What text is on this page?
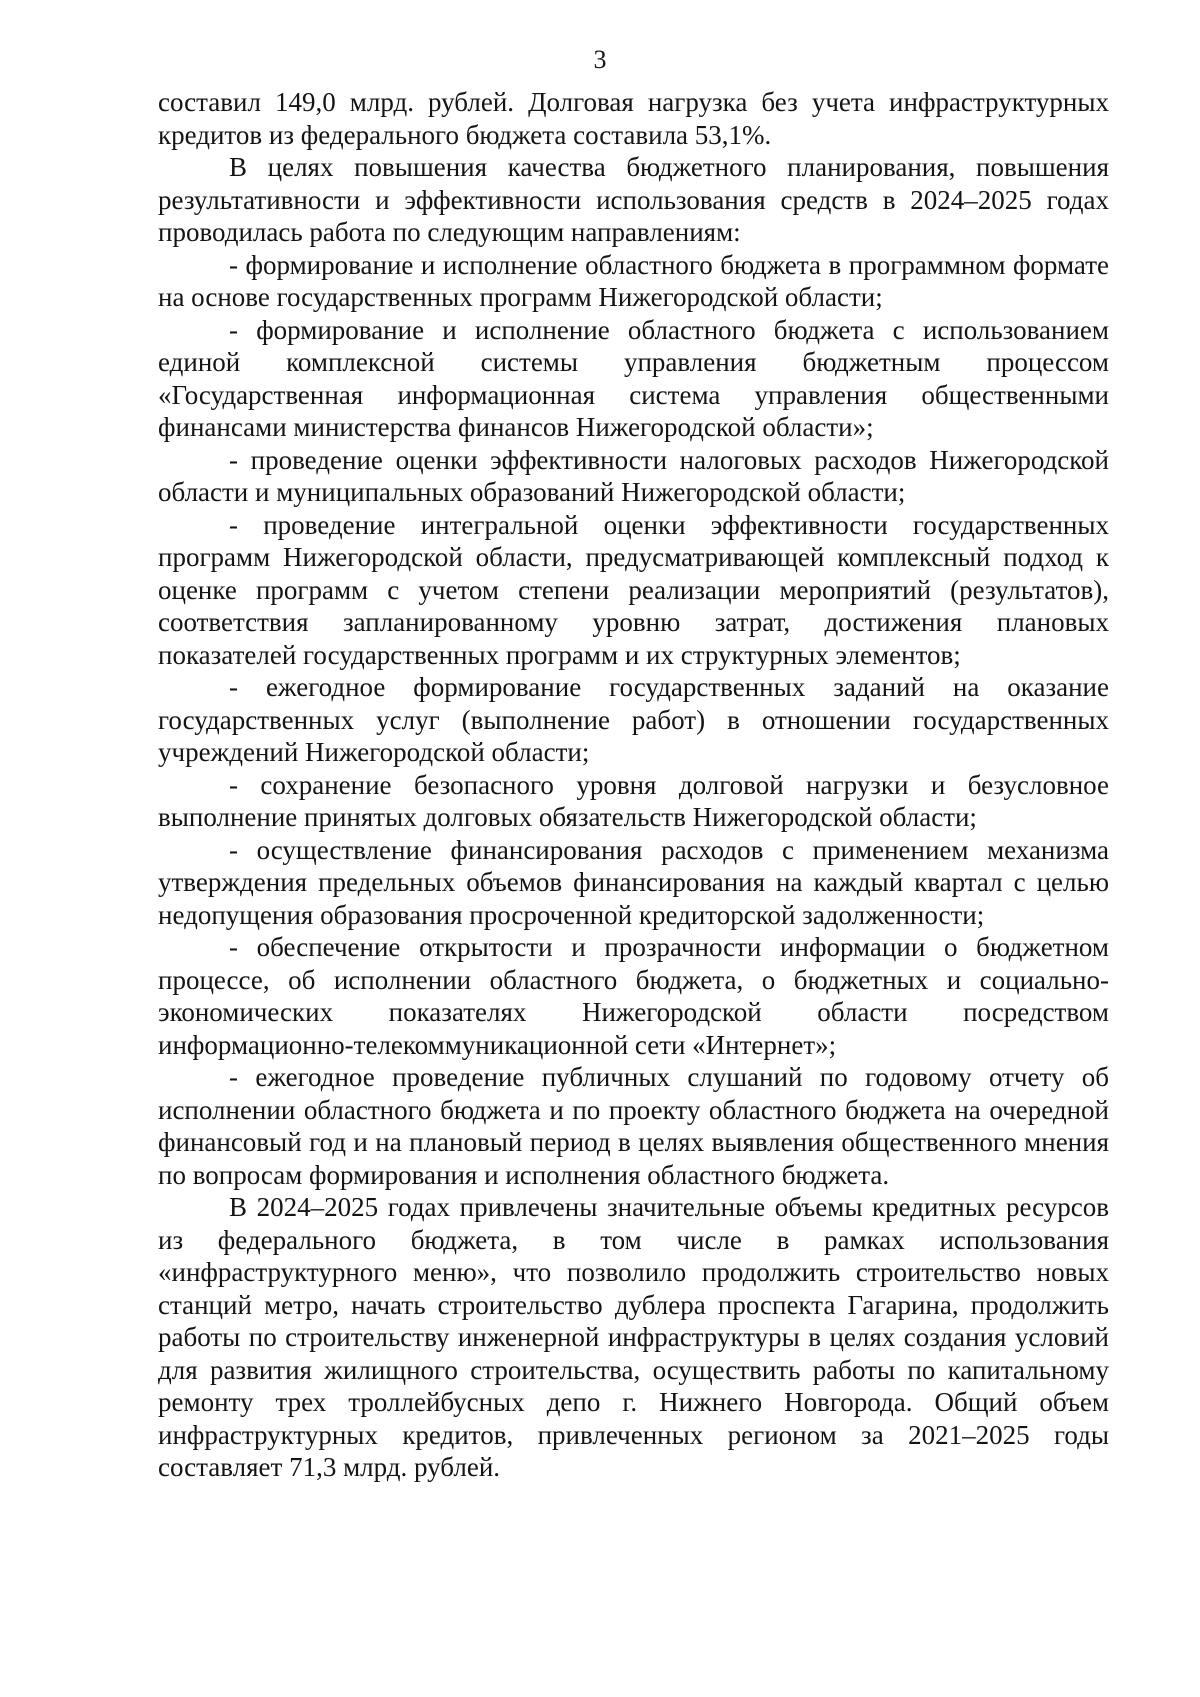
3

составил 149,0 млрд. рублей. Долговая нагрузка без учета инфраструктурных кредитов из федерального бюджета составила 53,1%.

В целях повышения качества бюджетного планирования, повышения результативности и эффективности использования средств в 2024–2025 годах проводилась работа по следующим направлениям:

- формирование и исполнение областного бюджета в программном формате на основе государственных программ Нижегородской области;

- формирование и исполнение областного бюджета с использованием единой комплексной системы управления бюджетным процессом «Государственная информационная система управления общественными финансами министерства финансов Нижегородской области»;

- проведение оценки эффективности налоговых расходов Нижегородской области и муниципальных образований Нижегородской области;

- проведение интегральной оценки эффективности государственных программ Нижегородской области, предусматривающей комплексный подход к оценке программ с учетом степени реализации мероприятий (результатов), соответствия запланированному уровню затрат, достижения плановых показателей государственных программ и их структурных элементов;

- ежегодное формирование государственных заданий на оказание государственных услуг (выполнение работ) в отношении государственных учреждений Нижегородской области;

- сохранение безопасного уровня долговой нагрузки и безусловное выполнение принятых долговых обязательств Нижегородской области;

- осуществление финансирования расходов с применением механизма утверждения предельных объемов финансирования на каждый квартал с целью недопущения образования просроченной кредиторской задолженности;

- обеспечение открытости и прозрачности информации о бюджетном процессе, об исполнении областного бюджета, о бюджетных и социально-экономических показателях Нижегородской области посредством информационно-телекоммуникационной сети «Интернет»;

- ежегодное проведение публичных слушаний по годовому отчету об исполнении областного бюджета и по проекту областного бюджета на очередной финансовый год и на плановый период в целях выявления общественного мнения по вопросам формирования и исполнения областного бюджета.

В 2024–2025 годах привлечены значительные объемы кредитных ресурсов из федерального бюджета, в том числе в рамках использования «инфраструктурного меню», что позволило продолжить строительство новых станций метро, начать строительство дублера проспекта Гагарина, продолжить работы по строительству инженерной инфраструктуры в целях создания условий для развития жилищного строительства, осуществить работы по капитальному ремонту трех троллейбусных депо г. Нижнего Новгорода. Общий объем инфраструктурных кредитов, привлеченных регионом за 2021–2025 годы составляет 71,3 млрд. рублей.
